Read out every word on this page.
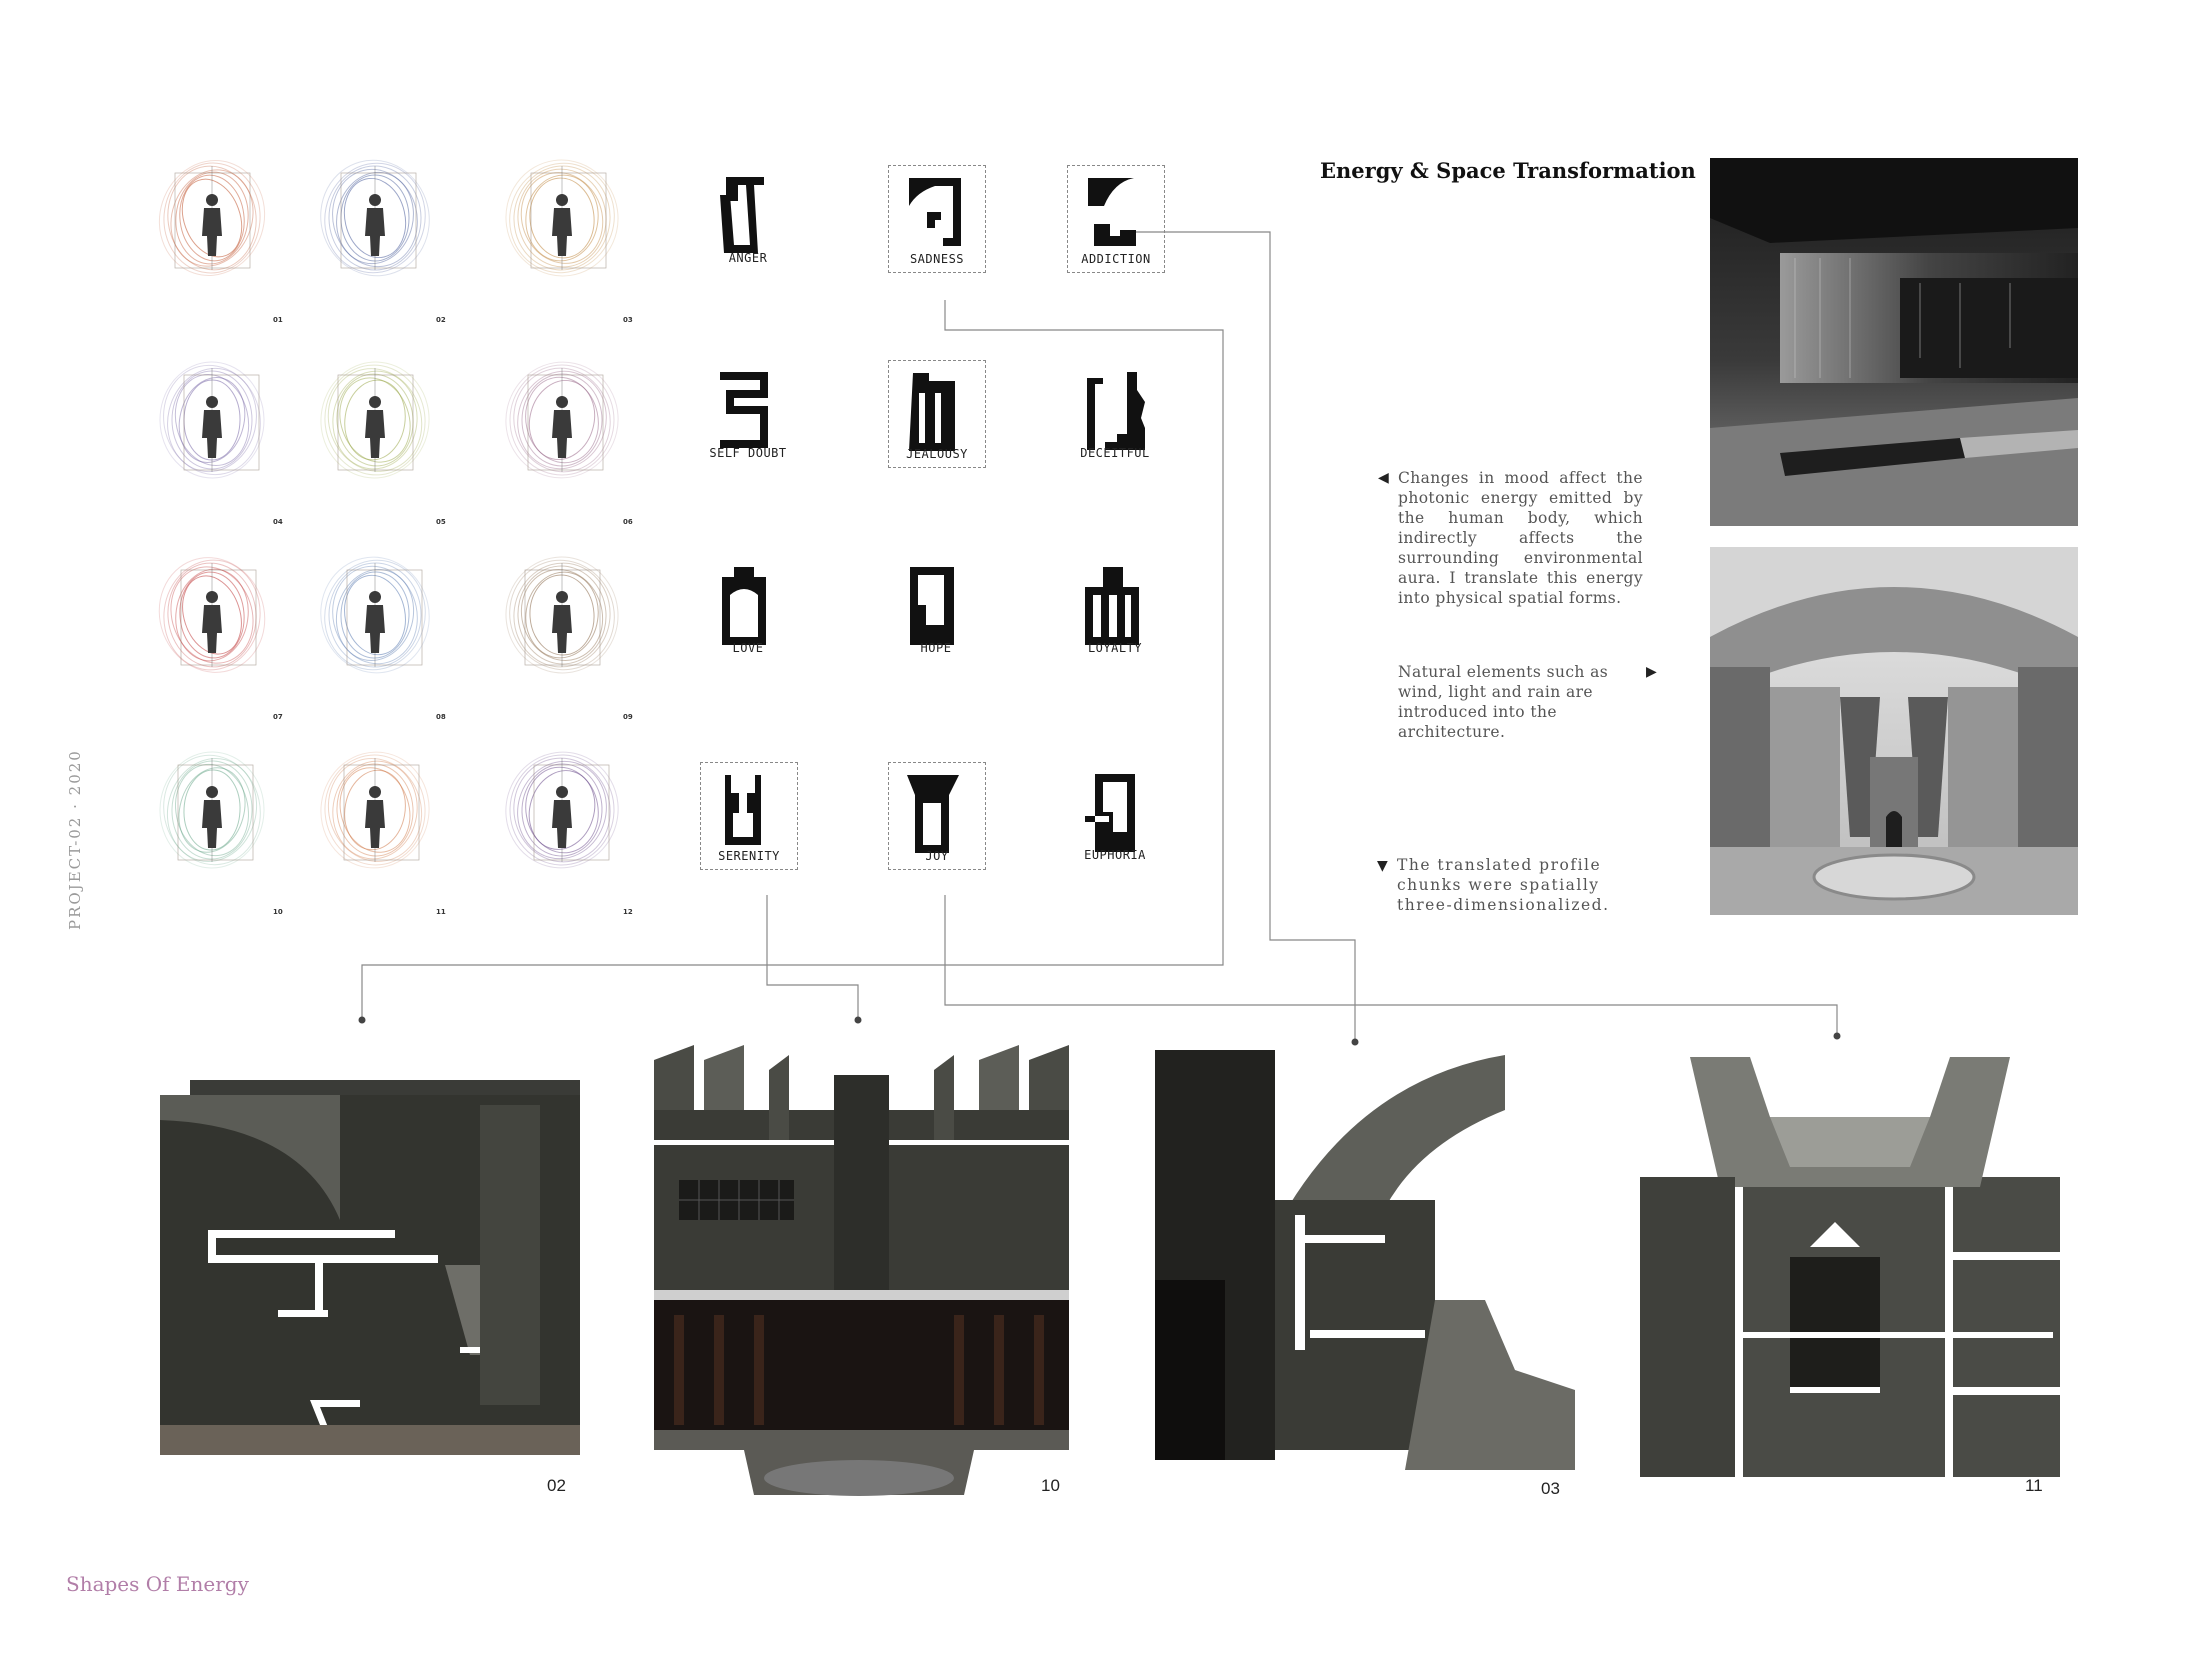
Energy & Space Transformation
PROJECT-02 · 2020
Shapes Of Energy
01	02	03
04	05	06
07	08	09
10	11	12
ANGER	SADNESS	ADDICTION
SELF DOUBT	JEALOUSY	DECEITFUL
LOVE	HOPE	LOYALTY
SERENITY	JOY	EUPHORIA
◀ Changes in mood affect the photonic energy emitted by the human body, which indirectly affects the surrounding environmental aura. I translate this energy into physical spatial forms.
▶
Natural elements such as wind, light and rain are introduced into the architecture.
▼ The translated profile chunks were spatially three-dimensionalized.
02	10	03	11
